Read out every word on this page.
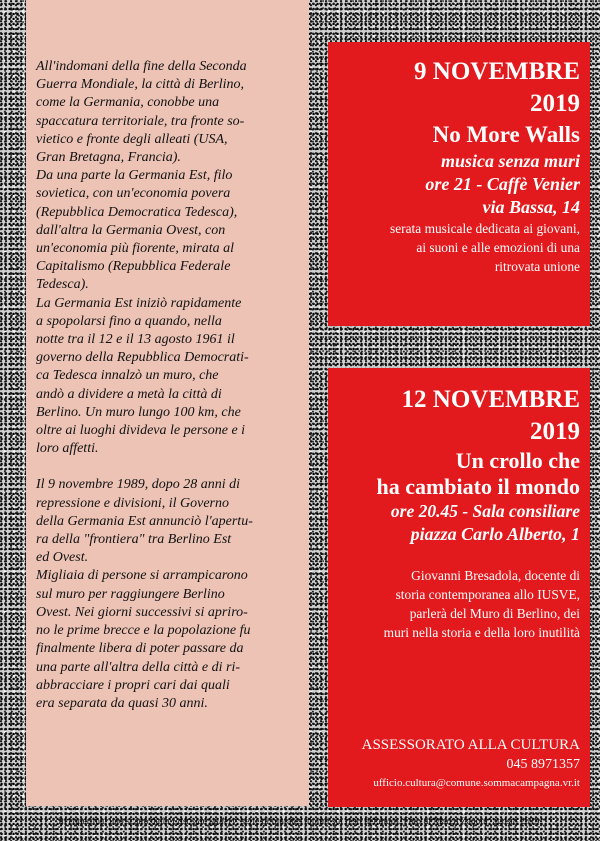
All'indomani della fine della Seconda
Guerra Mondiale, la città di Berlino,
come la Germania, conobbe una
spaccatura territoriale, tra fronte so-
vietico e fronte degli alleati (USA,
Gran Bretagna, Francia).

Da una parte la Germania Est, filo
sovietica, con un'economia povera
(Repubblica Democratica Tedesca),
dall'altra la Germania Ovest, con
un'economia più fiorente, mirata al
Capitalismo (Repubblica Federale
Tedesca).

La Germania Est iniziò rapidamente
a spopolarsi fino a quando, nella
notte tra il 12 e il 13 agosto 1961 il
governo della Repubblica Democrati-
ca Tedesca innalzò un muro, che
andò a dividere a metà la città di
Berlino. Un muro lungo 100 km, che
oltre ai luoghi divideva le persone e i
loro affetti.

Il 9 novembre 1989, dopo 28 anni di
repressione e divisioni, il Governo
della Germania Est annunciò l'apertu-
ra della "frontiera" tra Berlino Est
ed Ovest.

Migliaia di persone si arrampicarono
sul muro per raggiungere Berlino
Ovest. Nei giorni successivi si apriro-
no le prime brecce e la popolazione fu
finalmente libera di poter passare da
una parte all'altra della città e di ri-
abbracciare i propri cari dai quali
era separata da quasi 30 anni.

9 NOVEMBRE
2019
No More Walls
musica senza muri
ore 21 - Caffè Venier
via Bassa, 14
serata musicale dedicata ai giovani,
ai suoni e alle emozioni di una
ritrovata unione
12 NOVEMBRE
2019
Un crollo che
ha cambiato il mondo
ore 20.45 - Sala consiliare
piazza Carlo Alberto, 1
Giovanni Bresadola, docente di
storia contemporanea allo IUSVE,
parlerà del Muro di Berlino, dei
muri nella storia e della loro inutilità
ASSESSORATO ALLA CULTURA
045 8971357
ufficio.cultura@comune.sommacampagna.vr.it
In copertina: uno scatto dalla East side gallery, serie di murales dipinti sui resti del muro. Foto di Marco Zanoni, agosto 2019.
